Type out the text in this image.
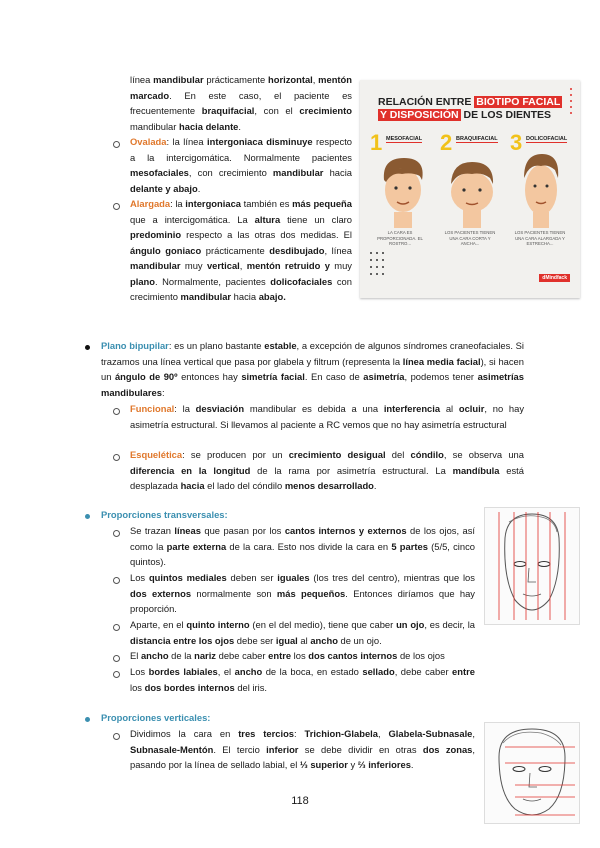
línea mandibular prácticamente horizontal, mentón marcado. En este caso, el paciente es frecuentemente braquifacial, con el crecimiento mandibular hacia delante.
Ovalada: la línea intergoniaca disminuye respecto a la intercigomática. Normalmente pacientes mesofaciales, con crecimiento mandibular hacia delante y abajo.
Alargada: la intergoniaca también es más pequeña que a intercigomática. La altura tiene un claro predominio respecto a las otras dos medidas. El ángulo goniaco prácticamente desdibujado, línea mandibular muy vertical, mentón retruido y muy plano. Normalmente, pacientes dolicofaciales con crecimiento mandibular hacia abajo.
RELACIÓN ENTRE BIOTIPO FACIAL
Y DISPOSICIÓN DE LOS DIENTES
1 MESOFACIAL
LA CARA ES PROPORCIONADA. EL ROSTRO...
2 BRAQUIFACIAL
LOS PACIENTES TIENEN UNA CARA CORTA Y ANCHA...
3 DOLICOFACIAL
LOS PACIENTES TIENEN UNA CARA ALARGADA Y ESTRECHA...
dMindfack
Plano bipupilar: es un plano bastante estable, a excepción de algunos síndromes craneofaciales. Si trazamos una línea vertical que pasa por glabela y filtrum (representa la línea media facial), si hacen un ángulo de 90º entonces hay simetría facial. En caso de asimetría, podemos tener asimetrías mandibulares:
Funcional: la desviación mandibular es debida a una interferencia al ocluir, no hay asimetría estructural. Si llevamos al paciente a RC vemos que no hay asimetría estructural
Esquelética: se producen por un crecimiento desigual del cóndilo, se observa una diferencia en la longitud de la rama por asimetría estructural. La mandíbula está desplazada hacia el lado del cóndilo menos desarrollado.
Proporciones transversales:
Se trazan líneas que pasan por los cantos internos y externos de los ojos, así como la parte externa de la cara. Esto nos divide la cara en 5 partes (5/5, cinco quintos).
Los quintos mediales deben ser iguales (los tres del centro), mientras que los dos externos normalmente son más pequeños. Entonces diríamos que hay proporción.
Aparte, en el quinto interno (en el del medio), tiene que caber un ojo, es decir, la distancia entre los ojos debe ser igual al ancho de un ojo.
El ancho de la nariz debe caber entre los dos cantos internos de los ojos
Los bordes labiales, el ancho de la boca, en estado sellado, debe caber entre los dos bordes internos del iris.
Proporciones verticales:
Dividimos la cara en tres tercios: Trichion-Glabela, Glabela-Subnasale, Subnasale-Mentón. El tercio inferior se debe dividir en otras dos zonas, pasando por la línea de sellado labial, el ⅓ superior y ⅔ inferiores.
118
